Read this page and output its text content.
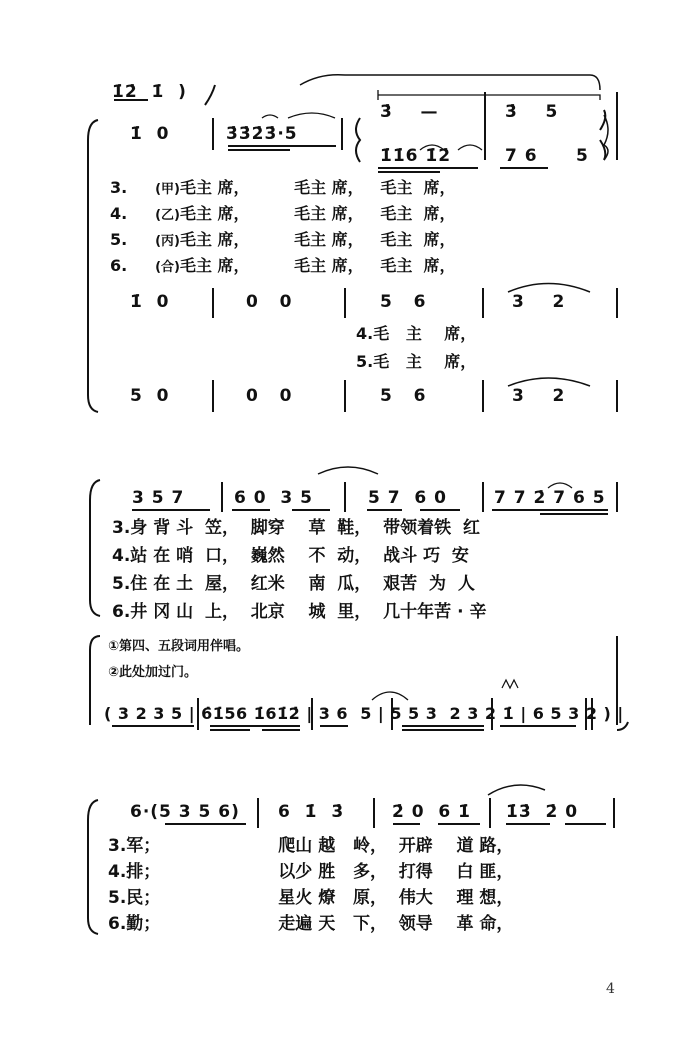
1̇2̇  1̇  )
1̇  0	3̇3̇2̇3̇·5
3̇    —	3̇    5
1̇1̇6 1̇2̇	7 6 5
3. (甲)毛主 席，        毛主 席，   毛主  席，
4. (乙)毛主 席，        毛主 席，   毛主  席，
5. (丙)毛主 席，        毛主 席，   毛主  席，
6. (合)毛主 席，        毛主 席，   毛主  席，
1̇  0	0   0	5   6	3    2
4.毛   主    席，
5.毛   主    席，
5  0	0   0	5   6	3    2
3 5 7	6 0  3 5	5 7  6 0	7 7 2̇ 7 6 5
3.身 背 斗  笠，  脚穿    草  鞋，  带领着铁  红
4.站 在 哨  口，  巍然    不  动，  战斗 巧  安
5.住 在 土  屋，  红米    南  瓜，  艰苦  为  人
6.井 冈 山  上，  北京    城  里，  几十年苦 · 辛
①第四、五段词用伴唱。
②此处加过门。
( 3 2 3 5 | 6̇1̇56 1̇61̇2̇ | 3 6  5 | 5 5 3  2 3 2 1̇ | 6 5 3 2 ) |
6·(5 3 5 6) 6  1̇  3̇	2̇ 0  6 1̇ 1̇3̇  2̇ 0
3.军；	爬山 越   岭，  开辟    道 路，
4.排；	以少 胜   多，  打得    白 匪，
5.民；	星火 燎   原，  伟大    理 想，
6.勤；	走遍 天   下，  领导    革 命，
4
